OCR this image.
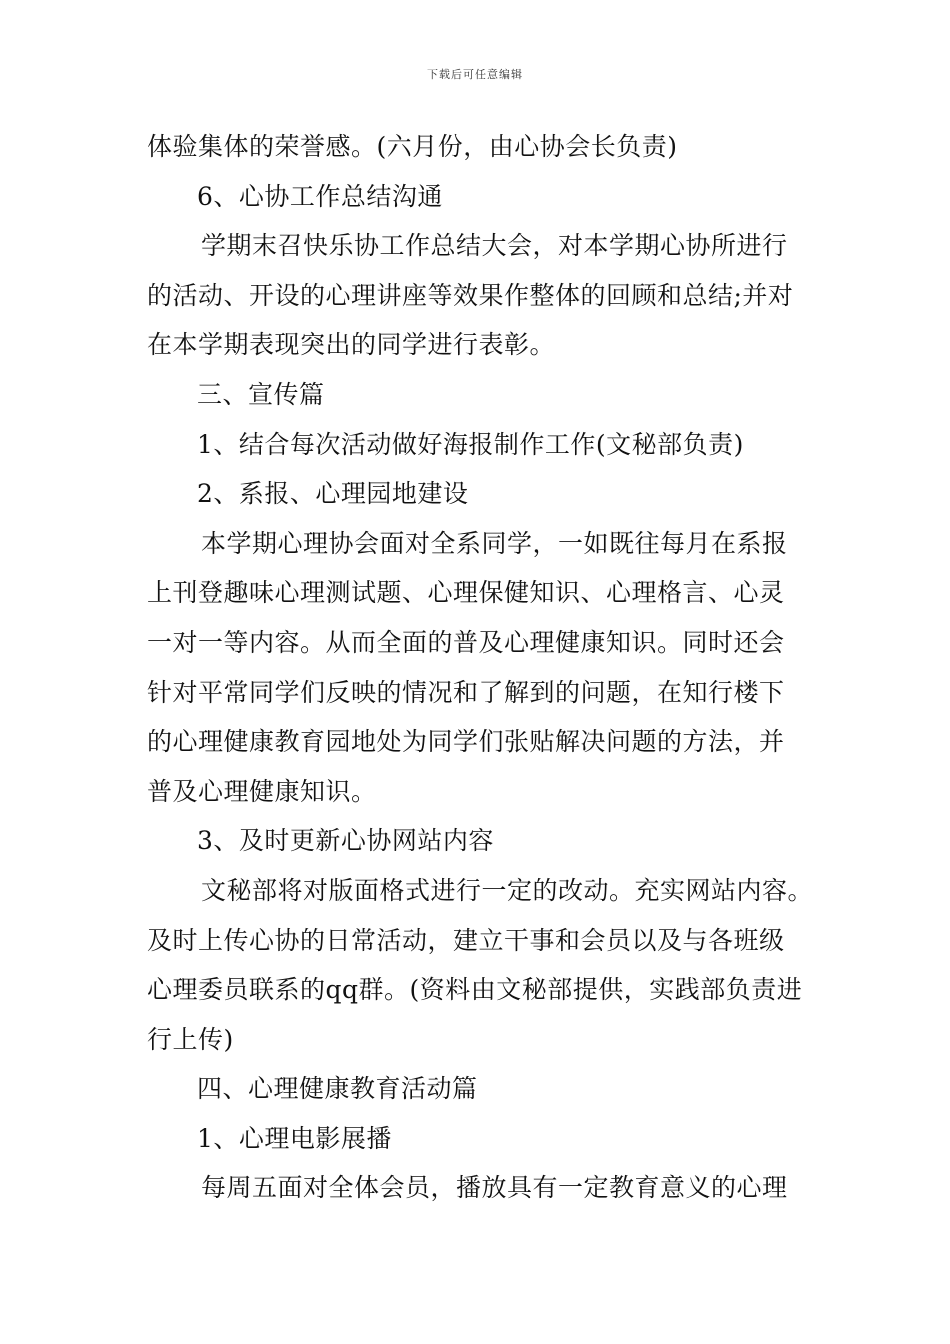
下载后可任意编辑
体验集体的荣誉感。(六月份，由心协会长负责)
6、心协工作总结沟通
学期末召快乐协工作总结大会，对本学期心协所进行
的活动、开设的心理讲座等效果作整体的回顾和总结;并对
在本学期表现突出的同学进行表彰。
三、宣传篇
1、结合每次活动做好海报制作工作(文秘部负责)
2、系报、心理园地建设
本学期心理协会面对全系同学，一如既往每月在系报
上刊登趣味心理测试题、心理保健知识、心理格言、心灵
一对一等内容。从而全面的普及心理健康知识。同时还会
针对平常同学们反映的情况和了解到的问题，在知行楼下
的心理健康教育园地处为同学们张贴解决问题的方法，并
普及心理健康知识。
3、及时更新心协网站内容
文秘部将对版面格式进行一定的改动。充实网站内容。
及时上传心协的日常活动，建立干事和会员以及与各班级
心理委员联系的qq群。(资料由文秘部提供，实践部负责进
行上传)
四、心理健康教育活动篇
1、心理电影展播
每周五面对全体会员，播放具有一定教育意义的心理
